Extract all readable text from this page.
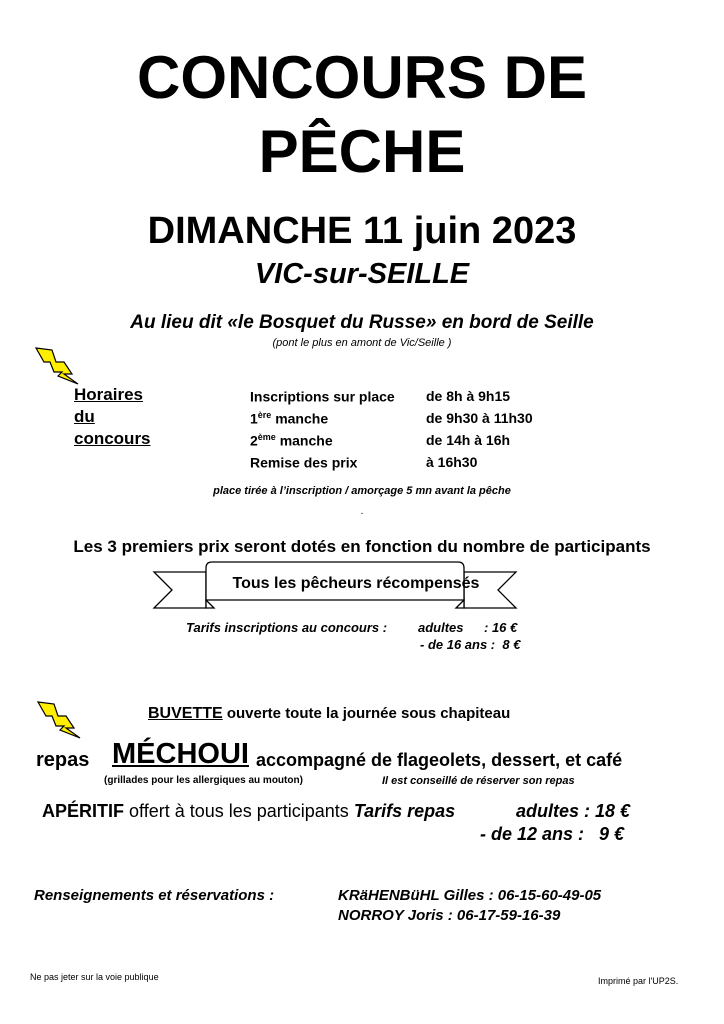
CONCOURS DE
PÊCHE
DIMANCHE 11 juin 2023
VIC-sur-SEILLE
Au lieu dit «le Bosquet du Russe» en bord de Seille
(pont le plus en amont de Vic/Seille )
Horaires
du
concours
Inscriptions sur place	de 8h à 9h15
1ère manche	de 9h30 à 11h30
2ème manche	de 14h à 16h
Remise des prix	à 16h30
place tirée à l’inscription / amorçage 5 mn avant la pêche
.
Les 3 premiers prix seront dotés en fonction du nombre de participants
Tous les pêcheurs récompensés
Tarifs inscriptions au concours : adultes : 16 €
- de 16 ans :  8 €
BUVETTE ouverte toute la journée sous chapiteau
repas MÉCHOUI accompagné de flageolets, dessert, et café
(grillades pour les allergiques au mouton)	Il est conseillé de réserver son repas
APÉRITIF offert à tous les participants Tarifs repas	adultes : 18 €
- de 12 ans :   9 €
Renseignements et réservations :	KRäHENBüHL Gilles : 06-15-60-49-05
NORROY Joris : 06-17-59-16-39
Ne pas jeter sur la voie publique	Imprimé par l'UP2S.
